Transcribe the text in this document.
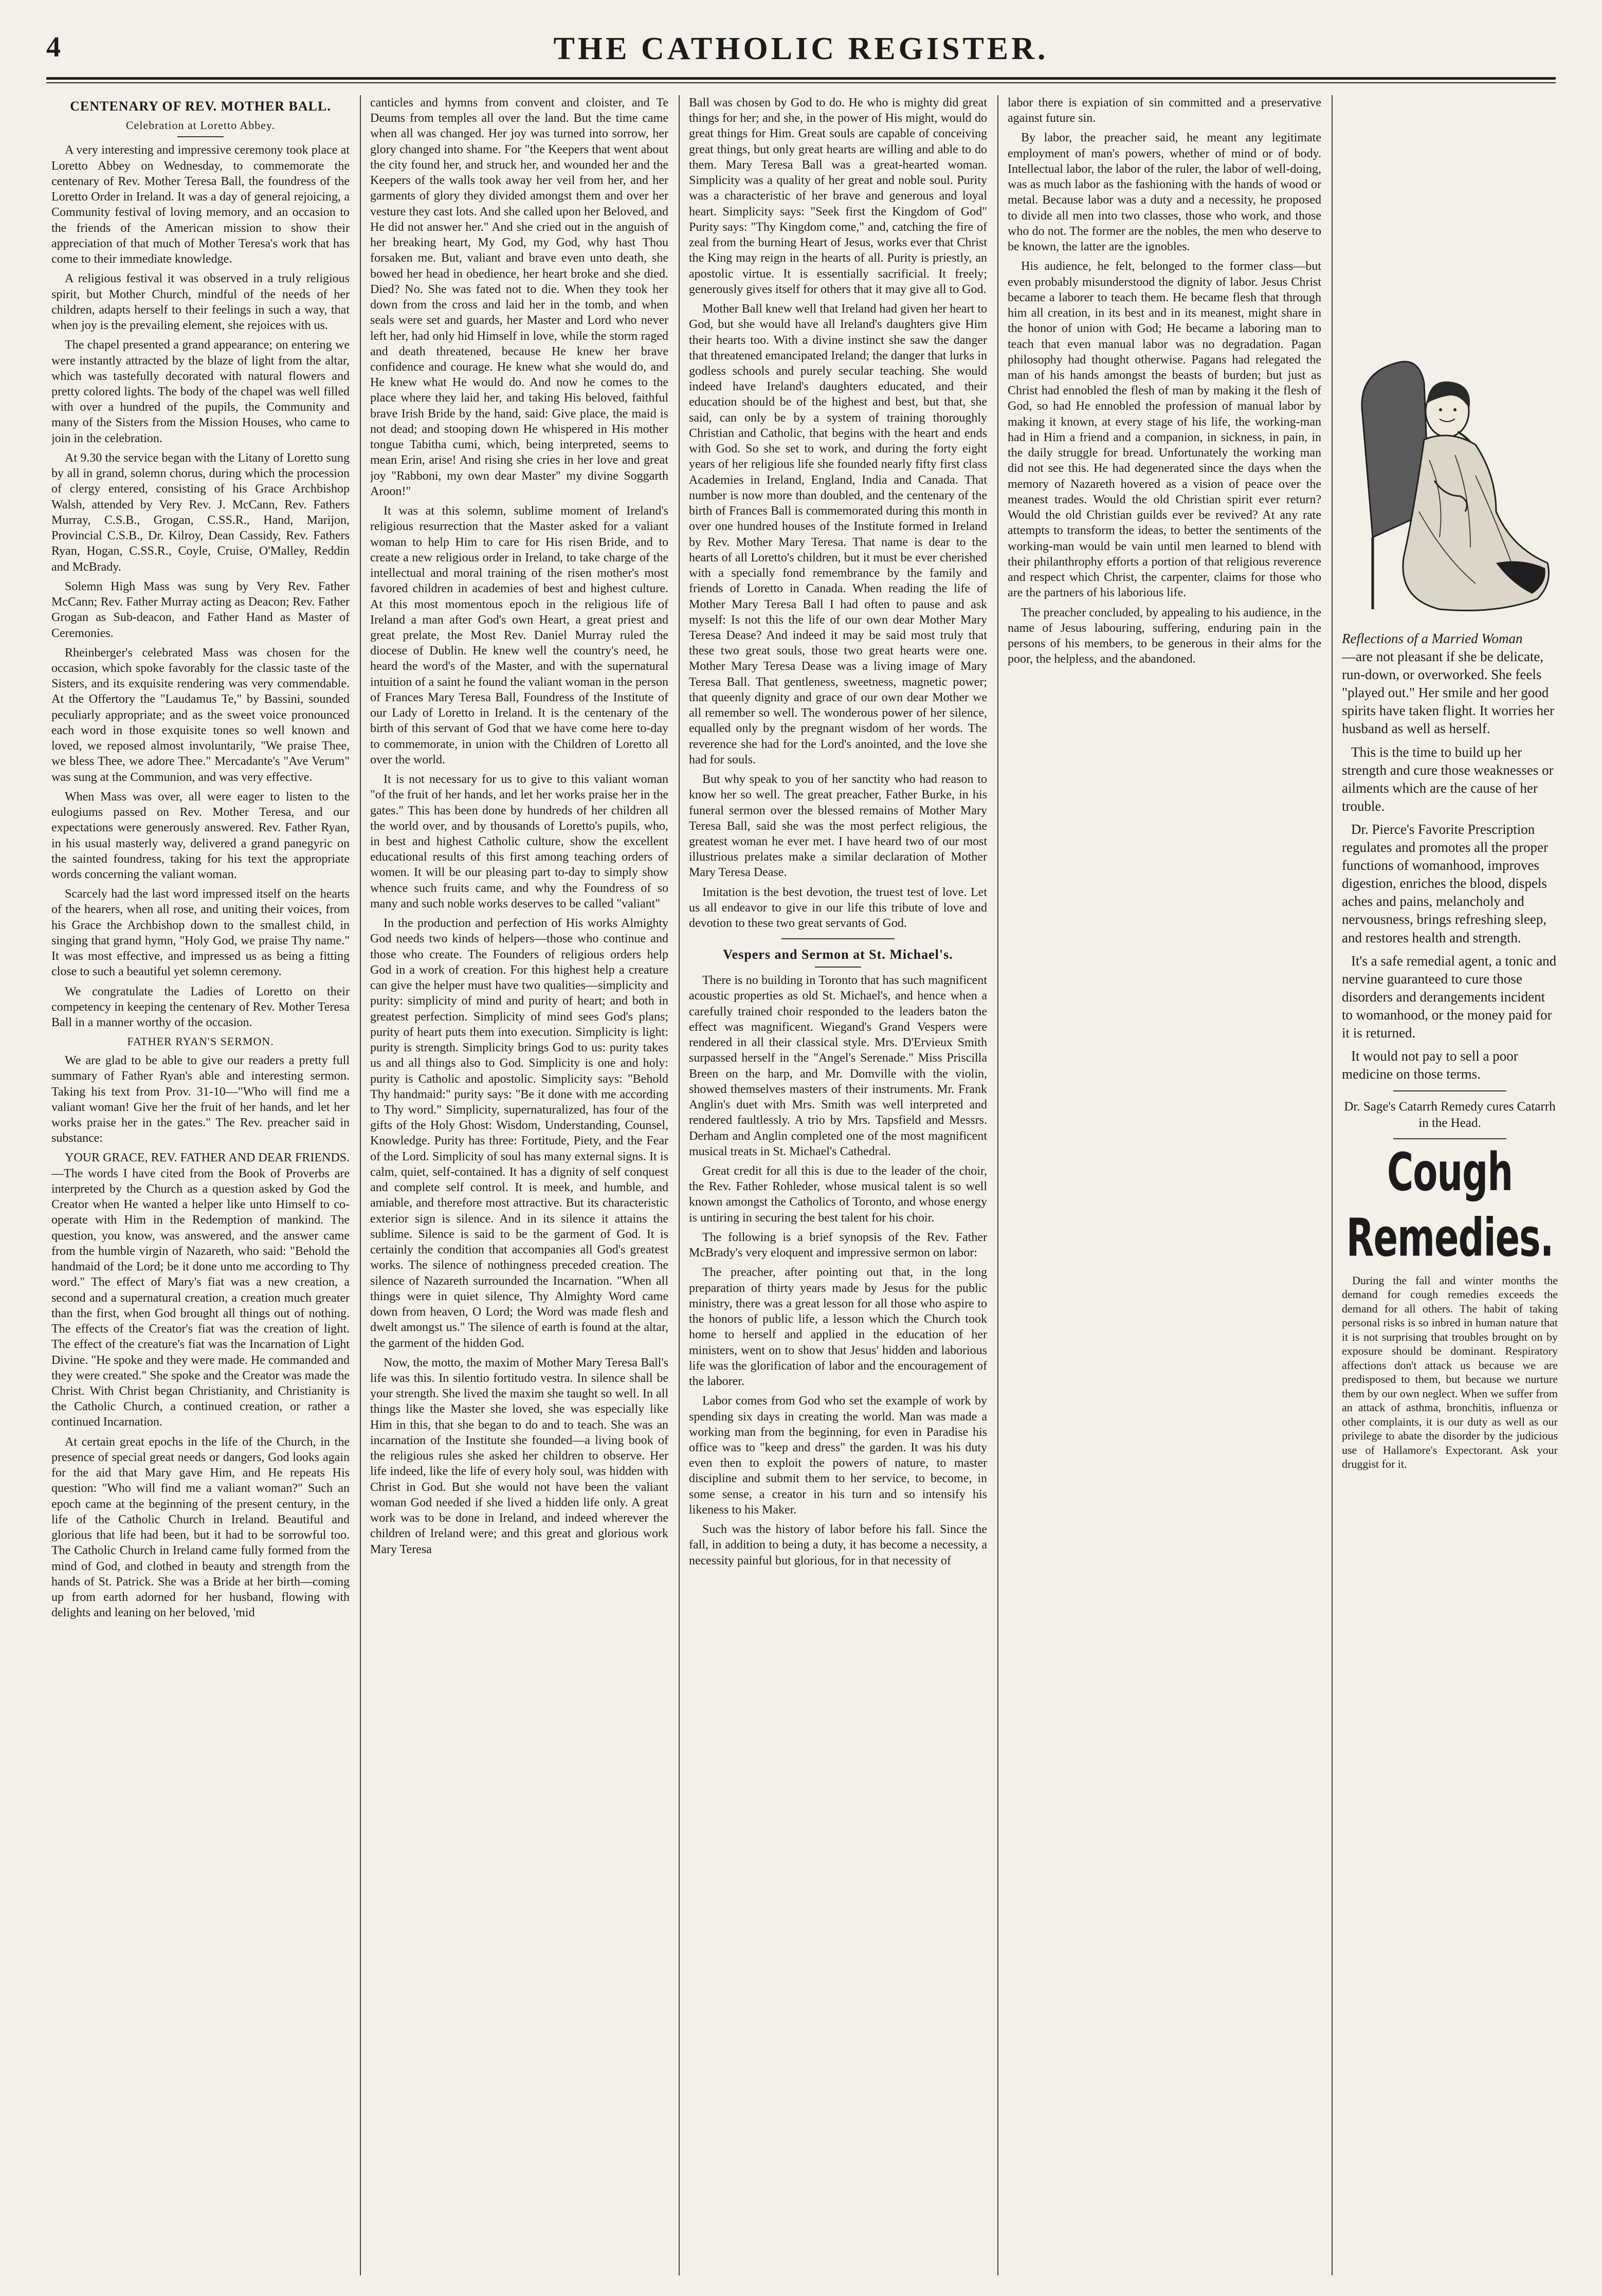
4	THE CATHOLIC REGISTER.
CENTENARY OF REV. MOTHER BALL.
Celebration at Loretto Abbey.

A very interesting and impressive ceremony took place at Loretto Abbey on Wednesday, to commemorate the centenary of Rev. Mother Teresa Ball, the foundress of the Loretto Order in Ireland. It was a day of general rejoicing, a Community festival of loving memory, and an occasion to the friends of the American mission to show their appreciation of that much of Mother Teresa's work that has come to their immediate knowledge.

A religious festival it was observed in a truly religious spirit, but Mother Church, mindful of the needs of her children, adapts herself to their feelings in such a way, that when joy is the prevailing element, she rejoices with us.

The chapel presented a grand appearance; on entering we were instantly attracted by the blaze of light from the altar, which was tastefully decorated with natural flowers and pretty colored lights. The body of the chapel was well filled with over a hundred of the pupils, the Community and many of the Sisters from the Mission Houses, who came to join in the celebration.

At 9.30 the service began with the Litany of Loretto sung by all in grand, solemn chorus, during which the procession of clergy entered, consisting of his Grace Archbishop Walsh, attended by Very Rev. J. McCann, Rev. Fathers Murray, C.S.B., Grogan, C.SS.R., Hand, Marijon, Provincial C.S.B., Dr. Kilroy, Dean Cassidy, Rev. Fathers Ryan, Hogan, C.SS.R., Coyle, Cruise, O'Malley, Reddin and McBrady.

Solemn High Mass was sung by Very Rev. Father McCann; Rev. Father Murray acting as Deacon; Rev. Father Grogan as Sub-deacon, and Father Hand as Master of Ceremonies.

Rheinberger's celebrated Mass was chosen for the occasion, which spoke favorably for the classic taste of the Sisters, and its exquisite rendering was very commendable. At the Offertory the "Laudamus Te," by Bassini, sounded peculiarly appropriate; and as the sweet voice pronounced each word in those exquisite tones so well known and loved, we reposed almost involuntarily, "We praise Thee, we bless Thee, we adore Thee." Mercadante's "Ave Verum" was sung at the Communion, and was very effective.

When Mass was over, all were eager to listen to the eulogiums passed on Rev. Mother Teresa, and our expectations were generously answered. Rev. Father Ryan, in his usual masterly way, delivered a grand panegyric on the sainted foundress, taking for his text the appropriate words concerning the valiant woman.

Scarcely had the last word impressed itself on the hearts of the hearers, when all rose, and uniting their voices, from his Grace the Archbishop down to the smallest child, in singing that grand hymn, "Holy God, we praise Thy name." It was most effective, and impressed us as being a fitting close to such a beautiful yet solemn ceremony.

We congratulate the Ladies of Loretto on their competency in keeping the centenary of Rev. Mother Teresa Ball in a manner worthy of the occasion.

FATHER RYAN'S SERMON.

We are glad to be able to give our readers a pretty full summary of Father Ryan's able and interesting sermon. Taking his text from Prov. 31-10—"Who will find me a valiant woman! Give her the fruit of her hands, and let her works praise her in the gates." The Rev. preacher said in substance:

YOUR GRACE, REV. FATHER AND DEAR FRIENDS.—The words I have cited from the Book of Proverbs are interpreted by the Church as a question asked by God the Creator when He wanted a helper like unto Himself to co-operate with Him in the Redemption of mankind. The question, you know, was answered, and the answer came from the humble virgin of Nazareth, who said: "Behold the handmaid of the Lord; be it done unto me according to Thy word." The effect of Mary's fiat was a new creation, a second and a supernatural creation, a creation much greater than the first, when God brought all things out of nothing. The effects of the Creator's fiat was the creation of light. The effect of the creature's fiat was the Incarnation of Light Divine. "He spoke and they were made. He commanded and they were created." She spoke and the Creator was made the Christ. With Christ began Christianity, and Christianity is the Catholic Church, a continued creation, or rather a continued Incarnation.

At certain great epochs in the life of the Church, in the presence of special great needs or dangers, God looks again for the aid that Mary gave Him, and He repeats His question: "Who will find me a valiant woman?" Such an epoch came at the beginning of the present century, in the life of the Catholic Church in Ireland. Beautiful and glorious that life had been, but it had to be sorrowful too. The Catholic Church in Ireland came fully formed from the mind of God, and clothed in beauty and strength from the hands of St. Patrick. She was a Bride at her birth—coming up from earth adorned for her husband, flowing with delights and leaning on her beloved, 'mid

canticles and hymns from convent and cloister, and Te Deums from temples all over the land. But the time came when all was changed. Her joy was turned into sorrow, her glory changed into shame. For "the Keepers that went about the city found her, and struck her, and wounded her and the Keepers of the walls took away her veil from her, and her garments of glory they divided amongst them and over her vesture they cast lots. And she called upon her Beloved, and He did not answer her." And she cried out in the anguish of her breaking heart, My God, my God, why hast Thou forsaken me. But, valiant and brave even unto death, she bowed her head in obedience, her heart broke and she died. Died? No. She was fated not to die. When they took her down from the cross and laid her in the tomb, and when seals were set and guards, her Master and Lord who never left her, had only hid Himself in love, while the storm raged and death threatened, because He knew her brave confidence and courage. He knew what she would do, and He knew what He would do. And now he comes to the place where they laid her, and taking His beloved, faithful brave Irish Bride by the hand, said: Give place, the maid is not dead; and stooping down He whispered in His mother tongue Tabitha cumi, which, being interpreted, seems to mean Erin, arise! And rising she cries in her love and great joy "Rabboni, my own dear Master" my divine Soggarth Aroon!"

It was at this solemn, sublime moment of Ireland's religious resurrection that the Master asked for a valiant woman to help Him to care for His risen Bride, and to create a new religious order in Ireland, to take charge of the intellectual and moral training of the risen mother's most favored children in academies of best and highest culture. At this most momentous epoch in the religious life of Ireland a man after God's own Heart, a great priest and great prelate, the Most Rev. Daniel Murray ruled the diocese of Dublin. He knew well the country's need, he heard the word's of the Master, and with the supernatural intuition of a saint he found the valiant woman in the person of Frances Mary Teresa Ball, Foundress of the Institute of our Lady of Loretto in Ireland. It is the centenary of the birth of this servant of God that we have come here to-day to commemorate, in union with the Children of Loretto all over the world.

It is not necessary for us to give to this valiant woman "of the fruit of her hands, and let her works praise her in the gates." This has been done by hundreds of her children all the world over, and by thousands of Loretto's pupils, who, in best and highest Catholic culture, show the excellent educational results of this first among teaching orders of women. It will be our pleasing part to-day to simply show whence such fruits came, and why the Foundress of so many and such noble works deserves to be called "valiant"

In the production and perfection of His works Almighty God needs two kinds of helpers—those who continue and those who create. The Founders of religious orders help God in a work of creation. For this highest help a creature can give the helper must have two qualities—simplicity and purity: simplicity of mind and purity of heart; and both in greatest perfection. Simplicity of mind sees God's plans; purity of heart puts them into execution. Simplicity is light: purity is strength. Simplicity brings God to us: purity takes us and all things also to God. Simplicity is one and holy: purity is Catholic and apostolic. Simplicity says: "Behold Thy handmaid:" purity says: "Be it done with me according to Thy word." Simplicity, supernaturalized, has four of the gifts of the Holy Ghost: Wisdom, Understanding, Counsel, Knowledge. Purity has three: Fortitude, Piety, and the Fear of the Lord. Simplicity of soul has many external signs. It is calm, quiet, self-contained. It has a dignity of self conquest and complete self control. It is meek, and humble, and amiable, and therefore most attractive. But its characteristic exterior sign is silence. And in its silence it attains the sublime. Silence is said to be the garment of God. It is certainly the condition that accompanies all God's greatest works. The silence of nothingness preceded creation. The silence of Nazareth surrounded the Incarnation. "When all things were in quiet silence, Thy Almighty Word came down from heaven, O Lord; the Word was made flesh and dwelt amongst us." The silence of earth is found at the altar, the garment of the hidden God.

Now, the motto, the maxim of Mother Mary Teresa Ball's life was this. In silentio fortitudo vestra. In silence shall be your strength. She lived the maxim she taught so well. In all things like the Master she loved, she was especially like Him in this, that she began to do and to teach. She was an incarnation of the Institute she founded—a living book of the religious rules she asked her children to observe. Her life indeed, like the life of every holy soul, was hidden with Christ in God. But she would not have been the valiant woman God needed if she lived a hidden life only. A great work was to be done in Ireland, and indeed wherever the children of Ireland were; and this great and glorious work Mary Teresa

Ball was chosen by God to do. He who is mighty did great things for her; and she, in the power of His might, would do great things for Him. Great souls are capable of conceiving great things, but only great hearts are willing and able to do them. Mary Teresa Ball was a great-hearted woman. Simplicity was a quality of her great and noble soul. Purity was a characteristic of her brave and generous and loyal heart. Simplicity says: "Seek first the Kingdom of God" Purity says: "Thy Kingdom come," and, catching the fire of zeal from the burning Heart of Jesus, works ever that Christ the King may reign in the hearts of all. Purity is priestly, an apostolic virtue. It is essentially sacrificial. It freely; generously gives itself for others that it may give all to God.

Mother Ball knew well that Ireland had given her heart to God, but she would have all Ireland's daughters give Him their hearts too. With a divine instinct she saw the danger that threatened emancipated Ireland; the danger that lurks in godless schools and purely secular teaching. She would indeed have Ireland's daughters educated, and their education should be of the highest and best, but that, she said, can only be by a system of training thoroughly Christian and Catholic, that begins with the heart and ends with God. So she set to work, and during the forty eight years of her religious life she founded nearly fifty first class Academies in Ireland, England, India and Canada. That number is now more than doubled, and the centenary of the birth of Frances Ball is commemorated during this month in over one hundred houses of the Institute formed in Ireland by Rev. Mother Mary Teresa. That name is dear to the hearts of all Loretto's children, but it must be ever cherished with a specially fond remembrance by the family and friends of Loretto in Canada. When reading the life of Mother Mary Teresa Ball I had often to pause and ask myself: Is not this the life of our own dear Mother Mary Teresa Dease? And indeed it may be said most truly that these two great souls, those two great hearts were one. Mother Mary Teresa Dease was a living image of Mary Teresa Ball. That gentleness, sweetness, magnetic power; that queenly dignity and grace of our own dear Mother we all remember so well. The wonderous power of her silence, equalled only by the pregnant wisdom of her words. The reverence she had for the Lord's anointed, and the love she had for souls.

But why speak to you of her sanctity who had reason to know her so well. The great preacher, Father Burke, in his funeral sermon over the blessed remains of Mother Mary Teresa Ball, said she was the most perfect religious, the greatest woman he ever met. I have heard two of our most illustrious prelates make a similar declaration of Mother Mary Teresa Dease.

Imitation is the best devotion, the truest test of love. Let us all endeavor to give in our life this tribute of love and devotion to these two great servants of God.

Vespers and Sermon at St. Michael's.

There is no building in Toronto that has such magnificent acoustic properties as old St. Michael's, and hence when a carefully trained choir responded to the leaders baton the effect was magnificent. Wiegand's Grand Vespers were rendered in all their classical style. Mrs. D'Ervieux Smith surpassed herself in the "Angel's Serenade." Miss Priscilla Breen on the harp, and Mr. Domville with the violin, showed themselves masters of their instruments. Mr. Frank Anglin's duet with Mrs. Smith was well interpreted and rendered faultlessly. A trio by Mrs. Tapsfield and Messrs. Derham and Anglin completed one of the most magnificent musical treats in St. Michael's Cathedral.

Great credit for all this is due to the leader of the choir, the Rev. Father Rohleder, whose musical talent is so well known amongst the Catholics of Toronto, and whose energy is untiring in securing the best talent for his choir.

The following is a brief synopsis of the Rev. Father McBrady's very eloquent and impressive sermon on labor:

The preacher, after pointing out that, in the long preparation of thirty years made by Jesus for the public ministry, there was a great lesson for all those who aspire to the honors of public life, a lesson which the Church took home to herself and applied in the education of her ministers, went on to show that Jesus' hidden and laborious life was the glorification of labor and the encouragement of the laborer.

Labor comes from God who set the example of work by spending six days in creating the world. Man was made a working man from the beginning, for even in Paradise his office was to "keep and dress" the garden. It was his duty even then to exploit the powers of nature, to master discipline and submit them to her service, to become, in some sense, a creator in his turn and so intensify his likeness to his Maker.

Such was the history of labor before his fall. Since the fall, in addition to being a duty, it has become a necessity, a necessity painful but glorious, for in that necessity of

labor there is expiation of sin committed and a preservative against future sin.

By labor, the preacher said, he meant any legitimate employment of man's powers, whether of mind or of body. Intellectual labor, the labor of the ruler, the labor of well-doing, was as much labor as the fashioning with the hands of wood or metal. Because labor was a duty and a necessity, he proposed to divide all men into two classes, those who work, and those who do not. The former are the nobles, the men who deserve to be known, the latter are the ignobles.

His audience, he felt, belonged to the former class—but even probably misunderstood the dignity of labor. Jesus Christ became a laborer to teach them. He became flesh that through him all creation, in its best and in its meanest, might share in the honor of union with God; He became a laboring man to teach that even manual labor was no degradation. Pagan philosophy had thought otherwise. Pagans had relegated the man of his hands amongst the beasts of burden; but just as Christ had ennobled the flesh of man by making it the flesh of God, so had He ennobled the profession of manual labor by making it known, at every stage of his life, the working-man had in Him a friend and a companion, in sickness, in pain, in the daily struggle for bread. Unfortunately the working man did not see this. He had degenerated since the days when the memory of Nazareth hovered as a vision of peace over the meanest trades. Would the old Christian spirit ever return? Would the old Christian guilds ever be revived? At any rate attempts to transform the ideas, to better the sentiments of the working-man would be vain until men learned to blend with their philanthrophy efforts a portion of that religious reverence and respect which Christ, the carpenter, claims for those who are the partners of his laborious life.

The preacher concluded, by appealing to his audience, in the name of Jesus labouring, suffering, enduring pain in the persons of his members, to be generous in their alms for the poor, the helpless, and the abandoned.

Reflections of a Married Woman

—are not pleasant if she be delicate, run-down, or overworked. She feels "played out." Her smile and her good spirits have taken flight. It worries her husband as well as herself.

This is the time to build up her strength and cure those weaknesses or ailments which are the cause of her trouble.

Dr. Pierce's Favorite Prescription regulates and promotes all the proper functions of womanhood, improves digestion, enriches the blood, dispels aches and pains, melancholy and nervousness, brings refreshing sleep, and restores health and strength.

It's a safe remedial agent, a tonic and nervine guaranteed to cure those disorders and derangements incident to womanhood, or the money paid for it is returned.

It would not pay to sell a poor medicine on those terms.

Dr. Sage's Catarrh Remedy cures Catarrh in the Head.
Cough Remedies.

During the fall and winter months the demand for cough remedies exceeds the demand for all others. The habit of taking personal risks is so inbred in human nature that it is not surprising that troubles brought on by exposure should be dominant. Respiratory affections don't attack us because we are predisposed to them, but because we nurture them by our own neglect. When we suffer from an attack of asthma, bronchitis, influenza or other complaints, it is our duty as well as our privilege to abate the disorder by the judicious use of Hallamore's Expectorant. Ask your druggist for it.
